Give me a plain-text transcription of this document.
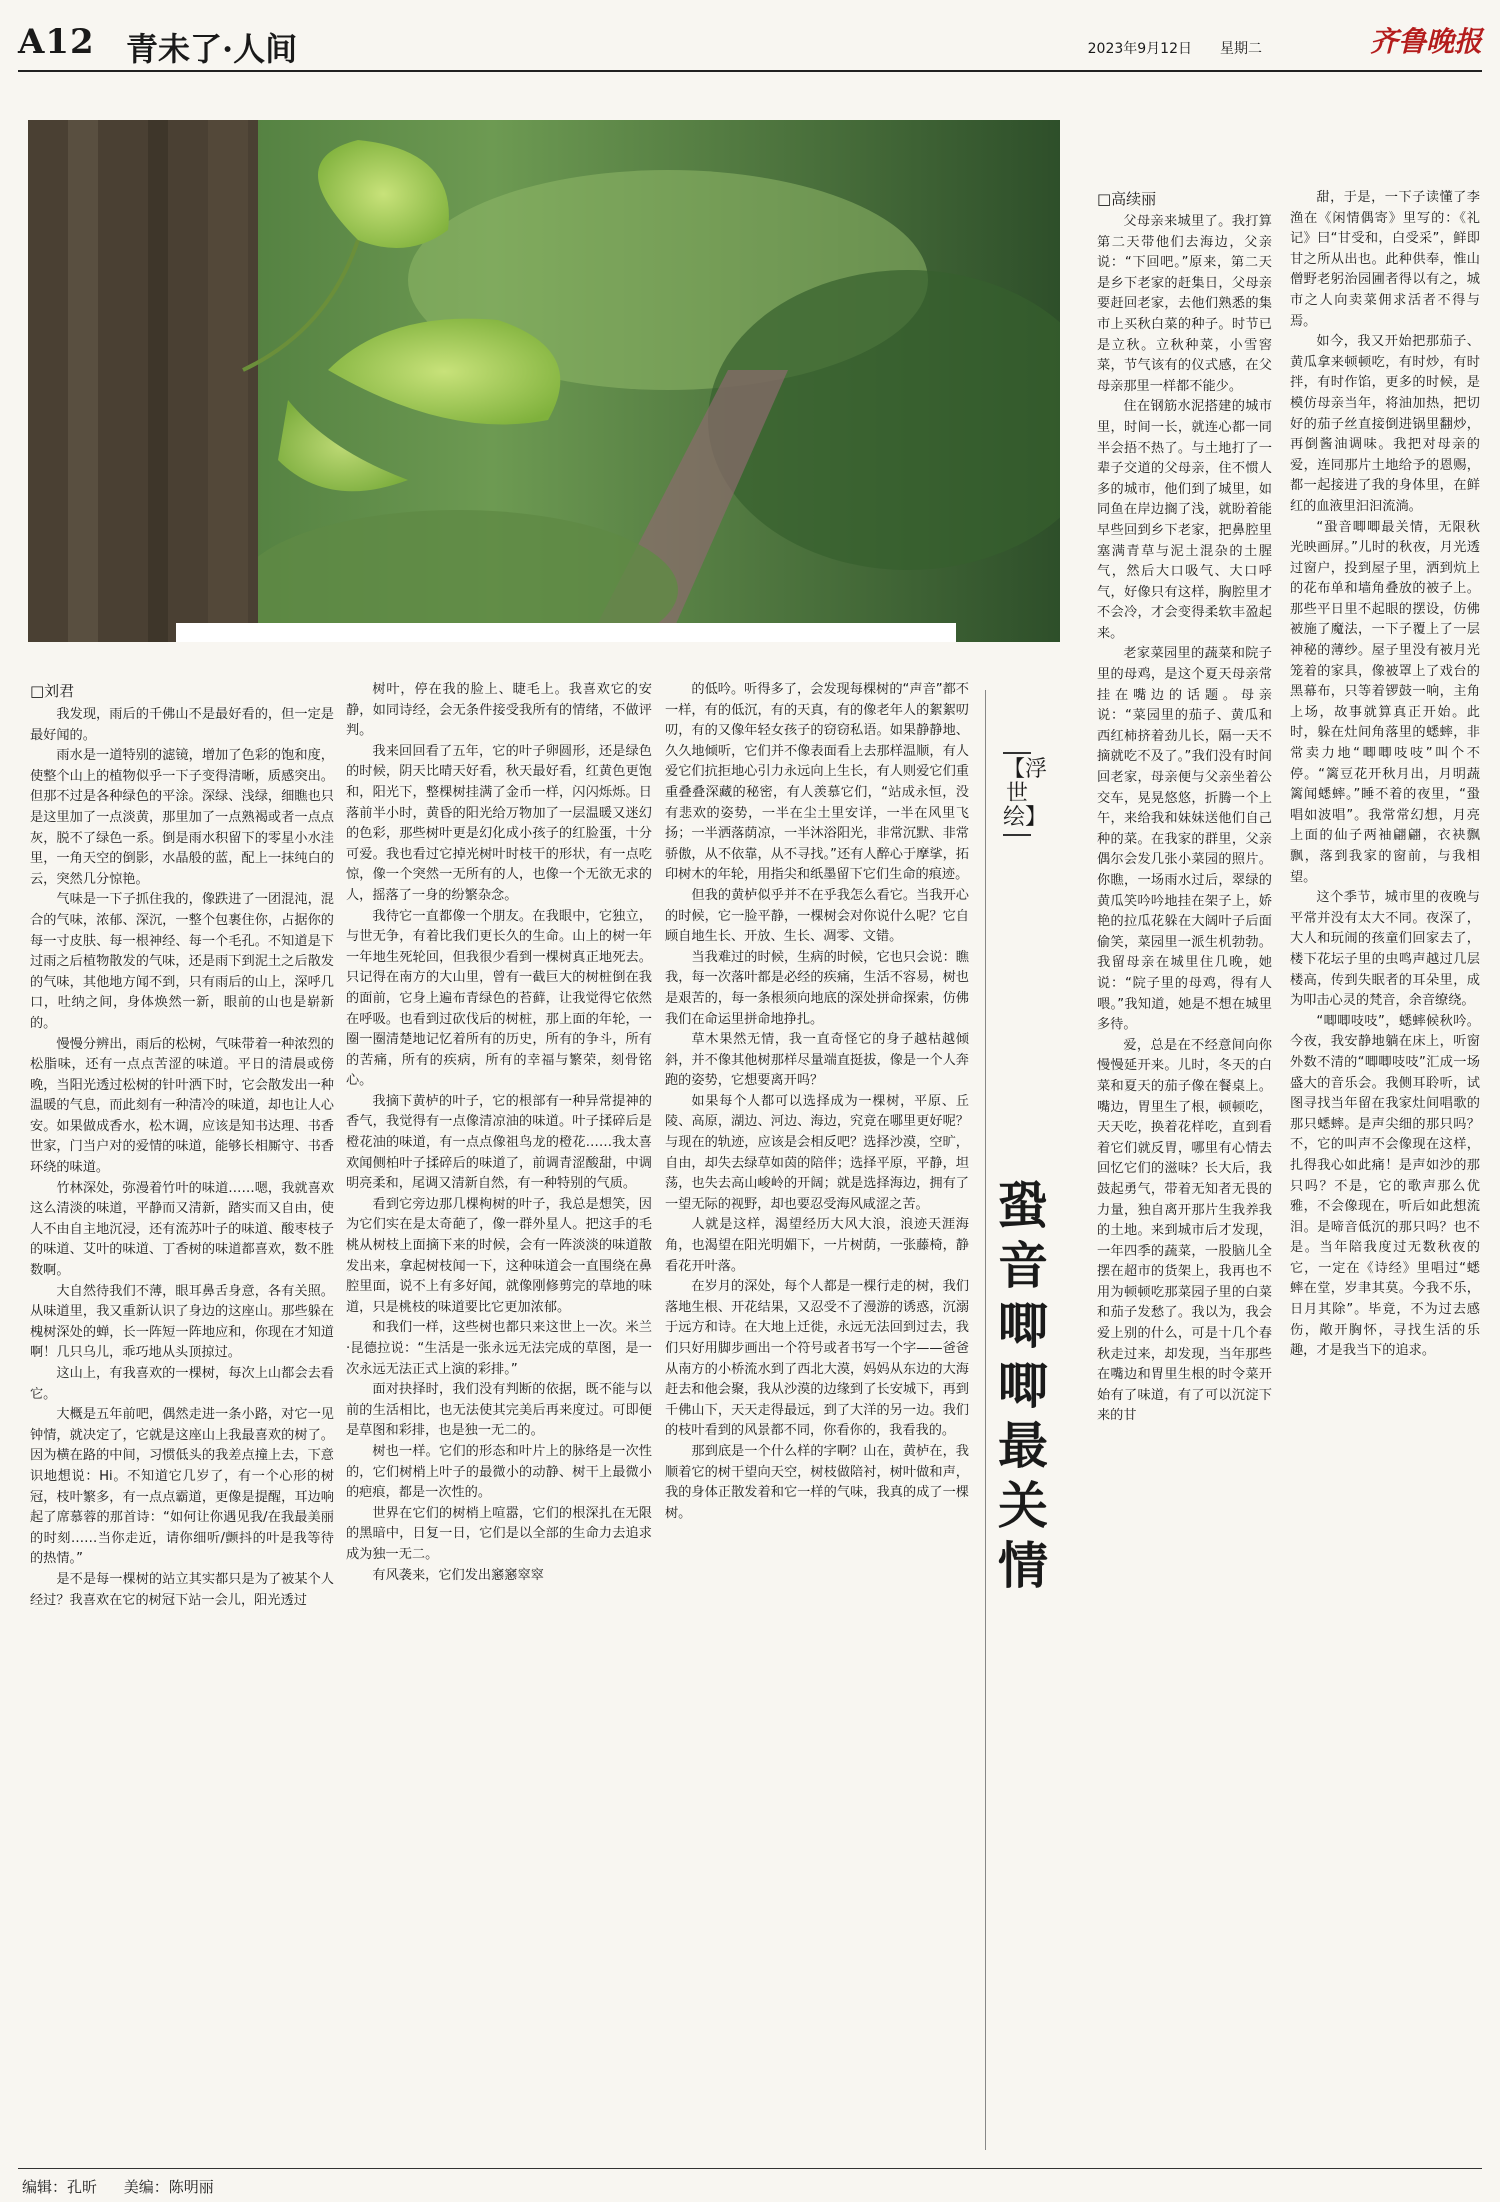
A12 青未了·人间	2023年9月12日 星期二	齐鲁晚报
□刘君

我发现，雨后的千佛山不是最好看的，但一定是最好闻的。

雨水是一道特别的滤镜，增加了色彩的饱和度，使整个山上的植物似乎一下子变得清晰，质感突出。但那不过是各种绿色的平涂。深绿、浅绿，细瞧也只是这里加了一点淡黄，那里加了一点熟褐或者一点点灰，脱不了绿色一系。倒是雨水积留下的零星小水洼里，一角天空的倒影，水晶般的蓝，配上一抹纯白的云，突然几分惊艳。

气味是一下子抓住我的，像跌进了一团混沌，混合的气味，浓郁、深沉，一整个包裹住你，占据你的每一寸皮肤、每一根神经、每一个毛孔。不知道是下过雨之后植物散发的气味，还是雨下到泥土之后散发的气味，其他地方闻不到，只有雨后的山上，深呼几口，吐纳之间，身体焕然一新，眼前的山也是崭新的。

慢慢分辨出，雨后的松树，气味带着一种浓烈的松脂味，还有一点点苦涩的味道。平日的清晨或傍晚，当阳光透过松树的针叶洒下时，它会散发出一种温暖的气息，而此刻有一种清冷的味道，却也让人心安。如果做成香水，松木调，应该是知书达理、书香世家，门当户对的爱情的味道，能够长相厮守、书香环绕的味道。

竹林深处，弥漫着竹叶的味道……嗯，我就喜欢这么清淡的味道，平静而又清新，踏实而又自由，使人不由自主地沉浸，还有流苏叶子的味道、酸枣枝子的味道、艾叶的味道、丁香树的味道都喜欢，数不胜数啊。

大自然待我们不薄，眼耳鼻舌身意，各有关照。从味道里，我又重新认识了身边的这座山。那些躲在槐树深处的蝉，长一阵短一阵地应和，你现在才知道啊！几只乌儿，乖巧地从头顶掠过。

这山上，有我喜欢的一棵树，每次上山都会去看它。

大概是五年前吧，偶然走进一条小路，对它一见钟情，就决定了，它就是这座山上我最喜欢的树了。因为横在路的中间，习惯低头的我差点撞上去，下意识地想说：Hi。不知道它几岁了，有一个心形的树冠，枝叶繁多，有一点点霸道，更像是提醒，耳边响起了席慕蓉的那首诗：“如何让你遇见我/在我最美丽的时刻……当你走近，请你细听/颤抖的叶是我等待的热情。”

是不是每一棵树的站立其实都只是为了被某个人经过？我喜欢在它的树冠下站一会儿，阳光透过

树叶，停在我的脸上、睫毛上。我喜欢它的安静，如同诗经，会无条件接受我所有的情绪，不做评判。

我来回回看了五年，它的叶子卵圆形，还是绿色的时候，阴天比晴天好看，秋天最好看，红黄色更饱和，阳光下，整棵树挂满了金币一样，闪闪烁烁。日落前半小时，黄昏的阳光给万物加了一层温暖又迷幻的色彩，那些树叶更是幻化成小孩子的红脸蛋，十分可爱。我也看过它掉光树叶时枝干的形状，有一点吃惊，像一个突然一无所有的人，也像一个无欲无求的人，摇落了一身的纷繁杂念。

我待它一直都像一个朋友。在我眼中，它独立，与世无争，有着比我们更长久的生命。山上的树一年一年地生死轮回，但我很少看到一棵树真正地死去。只记得在南方的大山里，曾有一截巨大的树桩倒在我的面前，它身上遍布青绿色的苔藓，让我觉得它依然在呼吸。也看到过砍伐后的树桩，那上面的年轮，一圈一圈清楚地记忆着所有的历史，所有的争斗，所有的苦痛，所有的疾病，所有的幸福与繁荣，刻骨铭心。

我摘下黄栌的叶子，它的根部有一种异常提神的香气，我觉得有一点像清凉油的味道。叶子揉碎后是橙花油的味道，有一点点像祖鸟龙的橙花……我太喜欢闻侧柏叶子揉碎后的味道了，前调青涩酸甜，中调明亮柔和，尾调又清新自然，有一种特别的气质。

看到它旁边那几棵枸树的叶子，我总是想笑，因为它们实在是太奇葩了，像一群外星人。把这手的毛桃从树枝上面摘下来的时候，会有一阵淡淡的味道散发出来，拿起树枝闻一下，这种味道会一直围绕在鼻腔里面，说不上有多好闻，就像刚修剪完的草地的味道，只是桃枝的味道要比它更加浓郁。

和我们一样，这些树也都只来这世上一次。米兰·昆德拉说：“生活是一张永远无法完成的草图，是一次永远无法正式上演的彩排。”

面对抉择时，我们没有判断的依据，既不能与以前的生活相比，也无法使其完美后再来度过。可即便是草图和彩排，也是独一无二的。

树也一样。它们的形态和叶片上的脉络是一次性的，它们树梢上叶子的最微小的动静、树干上最微小的疤痕，都是一次性的。

世界在它们的树梢上喧嚣，它们的根深扎在无限的黑暗中，日复一日，它们是以全部的生命力去追求成为独一无二。

有风袭来，它们发出窸窸窣窣

的低吟。听得多了，会发现每棵树的“声音”都不一样，有的低沉，有的天真，有的像老年人的絮絮叨叨，有的又像年轻女孩子的窃窃私语。如果静静地、久久地倾听，它们并不像表面看上去那样温顺，有人爱它们抗拒地心引力永远向上生长，有人则爱它们重重叠叠深藏的秘密，有人羡慕它们，“站成永恒，没有悲欢的姿势，一半在尘土里安详，一半在风里飞扬；一半洒落荫凉，一半沐浴阳光，非常沉默、非常骄傲，从不依靠，从不寻找。”还有人醉心于摩挲，拓印树木的年轮，用指尖和纸墨留下它们生命的痕迹。

但我的黄栌似乎并不在乎我怎么看它。当我开心的时候，它一脸平静，一棵树会对你说什么呢？它自顾自地生长、开放、生长、凋零、文错。

当我难过的时候，生病的时候，它也只会说：瞧我，每一次落叶都是必经的疾痛，生活不容易，树也是艰苦的，每一条根须向地底的深处拼命探索，仿佛我们在命运里拼命地挣扎。

草木果然无情，我一直奇怪它的身子越枯越倾斜，并不像其他树那样尽量端直挺拔，像是一个人奔跑的姿势，它想要离开吗？

如果每个人都可以选择成为一棵树，平原、丘陵、高原，湖边、河边、海边，究竟在哪里更好呢？与现在的轨迹，应该是会相反吧？选择沙漠，空旷，自由，却失去绿草如茵的陪伴；选择平原，平静，坦荡，也失去高山峻岭的开阔；就是选择海边，拥有了一望无际的视野，却也要忍受海风咸涩之苦。

人就是这样，渴望经历大风大浪，浪迹天涯海角，也渴望在阳光明媚下，一片树荫，一张藤椅，静看花开叶落。

在岁月的深处，每个人都是一棵行走的树，我们落地生根、开花结果，又忍受不了漫游的诱惑，沉溺于远方和诗。在大地上迁徙，永远无法回到过去，我们只好用脚步画出一个符号或者书写一个字——爸爸从南方的小桥流水到了西北大漠，妈妈从东边的大海赶去和他会聚，我从沙漠的边缘到了长安城下，再到千佛山下，天天走得最远，到了大洋的另一边。我们的枝叶看到的风景都不同，你看你的，我看我的。

那到底是一个什么样的字啊？山在，黄栌在，我顺着它的树干望向天空，树枝做陪衬，树叶做和声，我的身体正散发着和它一样的气味，我真的成了一棵树。

【浮世绘】
蛩音唧唧最关情
□高续丽

父母亲来城里了。我打算第二天带他们去海边，父亲说：“下回吧。”原来，第二天是乡下老家的赶集日，父母亲要赶回老家，去他们熟悉的集市上买秋白菜的种子。时节已是立秋。立秋种菜，小雪窖菜，节气该有的仪式感，在父母亲那里一样都不能少。

住在钢筋水泥搭建的城市里，时间一长，就连心都一同半会捂不热了。与土地打了一辈子交道的父母亲，住不惯人多的城市，他们到了城里，如同鱼在岸边搁了浅，就盼着能早些回到乡下老家，把鼻腔里塞满青草与泥土混杂的土腥气，然后大口吸气、大口呼气，好像只有这样，胸腔里才不会冷，才会变得柔软丰盈起来。

老家菜园里的蔬菜和院子里的母鸡，是这个夏天母亲常挂在嘴边的话题。母亲说：“菜园里的茄子、黄瓜和西红柿挤着劲儿长，隔一天不摘就吃不及了。”我们没有时间回老家，母亲便与父亲坐着公交车，晃晃悠悠，折腾一个上午，来给我和妹妹送他们自己种的菜。在我家的群里，父亲偶尔会发几张小菜园的照片。你瞧，一场雨水过后，翠绿的黄瓜笑吟吟地挂在架子上，娇艳的拉瓜花躲在大阔叶子后面偷笑，菜园里一派生机勃勃。我留母亲在城里住几晚，她说：“院子里的母鸡，得有人喂。”我知道，她是不想在城里多待。

爱，总是在不经意间向你慢慢延开来。儿时，冬天的白菜和夏天的茄子像在餐桌上。嘴边，胃里生了根，顿顿吃，天天吃，换着花样吃，直到看着它们就反胃，哪里有心情去回忆它们的滋味？长大后，我鼓起勇气，带着无知者无畏的力量，独自离开那片生我养我的土地。来到城市后才发现，一年四季的蔬菜，一股脑儿全摆在超市的货架上，我再也不用为顿顿吃那菜园子里的白菜和茄子发愁了。我以为，我会爱上别的什么，可是十几个春秋走过来，却发现，当年那些在嘴边和胃里生根的时令菜开始有了味道，有了可以沉淀下来的甘

甜，于是，一下子读懂了李渔在《闲情偶寄》里写的：《礼记》曰“甘受和，白受采”，鲜即甘之所从出也。此种供奉，惟山僧野老躬治园圃者得以有之，城市之人向卖菜佣求活者不得与焉。

如今，我又开始把那茄子、黄瓜拿来顿顿吃，有时炒，有时拌，有时作馅，更多的时候，是模仿母亲当年，将油加热，把切好的茄子丝直接倒进锅里翻炒，再倒酱油调味。我把对母亲的爱，连同那片土地给予的恩赐，都一起接进了我的身体里，在鲜红的血液里汩汩流淌。

“蛩音唧唧最关情，无限秋光映画屏。”儿时的秋夜，月光透过窗户，投到屋子里，洒到炕上的花布单和墙角叠放的被子上。那些平日里不起眼的摆设，仿佛被施了魔法，一下子覆上了一层神秘的薄纱。屋子里没有被月光笼着的家具，像被罩上了戏台的黑幕布，只等着锣鼓一响，主角上场，故事就算真正开始。此时，躲在灶间角落里的蟋蟀，非常卖力地“唧唧吱吱”叫个不停。“篱豆花开秋月出，月明蔬篱闻蟋蟀。”睡不着的夜里，“蛩唱如波唱”。我常常幻想，月亮上面的仙子两袖翩翩，衣袂飘飘，落到我家的窗前，与我相望。

这个季节，城市里的夜晚与平常并没有太大不同。夜深了，大人和玩闹的孩童们回家去了，楼下花坛子里的虫鸣声越过几层楼高，传到失眠者的耳朵里，成为叩击心灵的梵音，余音缭绕。

“唧唧吱吱”，蟋蟀候秋吟。今夜，我安静地躺在床上，听窗外数不清的“唧唧吱吱”汇成一场盛大的音乐会。我侧耳聆听，试图寻找当年留在我家灶间唱歌的那只蟋蟀。是声尖细的那只吗？不，它的叫声不会像现在这样，扎得我心如此痛！是声如沙的那只吗？不是，它的歌声那么优雅，不会像现在，听后如此想流泪。是啼音低沉的那只吗？也不是。当年陪我度过无数秋夜的它，一定在《诗经》里唱过“蟋蟀在堂，岁聿其莫。今我不乐，日月其除”。毕竟，不为过去感伤，敞开胸怀，寻找生活的乐趣，才是我当下的追求。

编辑：孔昕 美编：陈明丽
